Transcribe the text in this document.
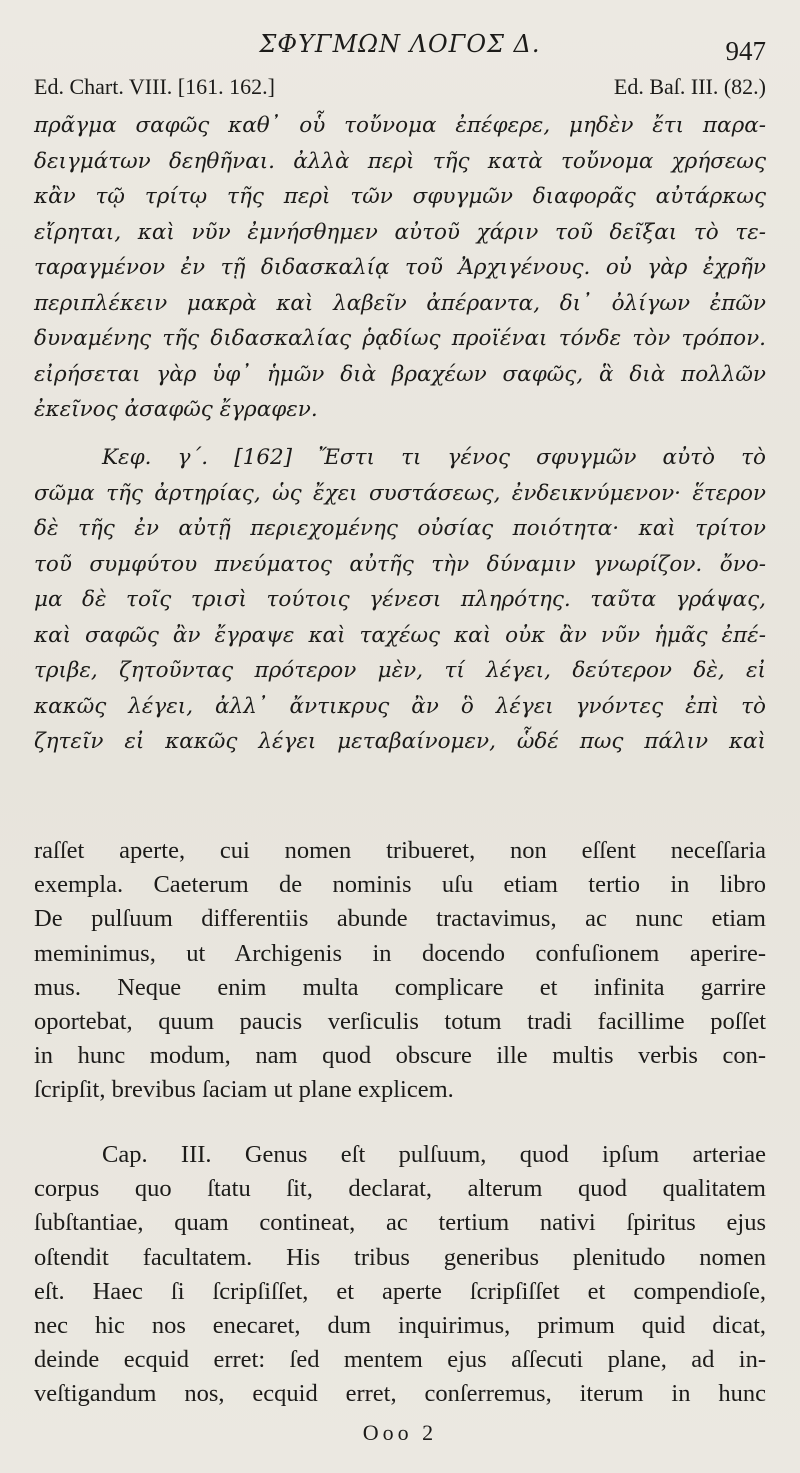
ΣΦΥΓΜΩΝ ΛΟΓΟΣ Δ.	947
Ed. Chart. VIII. [161. 162.]	Ed. Baſ. III. (82.)
πρᾶγμα σαφῶς καθ᾽ οὗ τοὔνομα ἐπέφερε, μηδὲν ἔτι παρα-
δειγμάτων δεηθῆναι. ἀλλὰ περὶ τῆς κατὰ τοὔνομα χρήσεως
κἂν τῷ τρίτῳ τῆς περὶ τῶν σφυγμῶν διαφορᾶς αὐτάρκως
εἴρηται, καὶ νῦν ἐμνήσθημεν αὐτοῦ χάριν τοῦ δεῖξαι τὸ τε-
ταραγμένον ἐν τῇ διδασκαλίᾳ τοῦ Ἀρχιγένους. οὐ γὰρ ἐχρῆν
περιπλέκειν μακρὰ καὶ λαβεῖν ἀπέραντα, δι᾽ ὀλίγων ἐπῶν
δυναμένης τῆς διδασκαλίας ῥᾳδίως προϊέναι τόνδε τὸν τρόπον.
εἰρήσεται γὰρ ὑφ᾽ ἡμῶν διὰ βραχέων σαφῶς, ἃ διὰ πολλῶν
ἐκεῖνος ἀσαφῶς ἔγραφεν.
Κεφ. γ΄. [162] Ἔστι τι γένος σφυγμῶν αὐτὸ τὸ
σῶμα τῆς ἀρτηρίας, ὡς ἔχει συστάσεως, ἐνδεικνύμενον· ἕτερον
δὲ τῆς ἐν αὐτῇ περιεχομένης οὐσίας ποιότητα· καὶ τρίτον
τοῦ συμφύτου πνεύματος αὐτῆς τὴν δύναμιν γνωρίζον. ὄνο-
μα δὲ τοῖς τρισὶ τούτοις γένεσι πληρότης. ταῦτα γράψας,
καὶ σαφῶς ἂν ἔγραψε καὶ ταχέως καὶ οὐκ ἂν νῦν ἡμᾶς ἐπέ-
τριβε, ζητοῦντας πρότερον μὲν, τί λέγει, δεύτερον δὲ, εἰ
κακῶς λέγει, ἀλλ᾽ ἄντικρυς ἂν ὃ λέγει γνόντες ἐπὶ τὸ
ζητεῖν εἰ κακῶς λέγει μεταβαίνομεν, ὧδέ πως πάλιν καὶ
raſſet aperte, cui nomen tribueret, non eſſent neceſſaria
exempla. Caeterum de nominis uſu etiam tertio in libro
De pulſuum differentiis abunde tractavimus, ac nunc etiam
meminimus, ut Archigenis in docendo confuſionem aperire-
mus. Neque enim multa complicare et infinita garrire
oportebat, quum paucis verſiculis totum tradi facillime poſſet
in hunc modum, nam quod obscure ille multis verbis con-
ſcripſit, brevibus ſaciam ut plane explicem.
Cap. III. Genus eſt pulſuum, quod ipſum arteriae
corpus quo ſtatu ſit, declarat, alterum quod qualitatem
ſubſtantiae, quam contineat, ac tertium nativi ſpiritus ejus
oſtendit facultatem. His tribus generibus plenitudo nomen
eſt. Haec ſi ſcripſiſſet, et aperte ſcripſiſſet et compendioſe,
nec hic nos enecaret, dum inquirimus, primum quid dicat,
deinde ecquid erret: ſed mentem ejus aſſecuti plane, ad in-
veſtigandum nos, ecquid erret, conſerremus, iterum in hunc
Ooo 2
